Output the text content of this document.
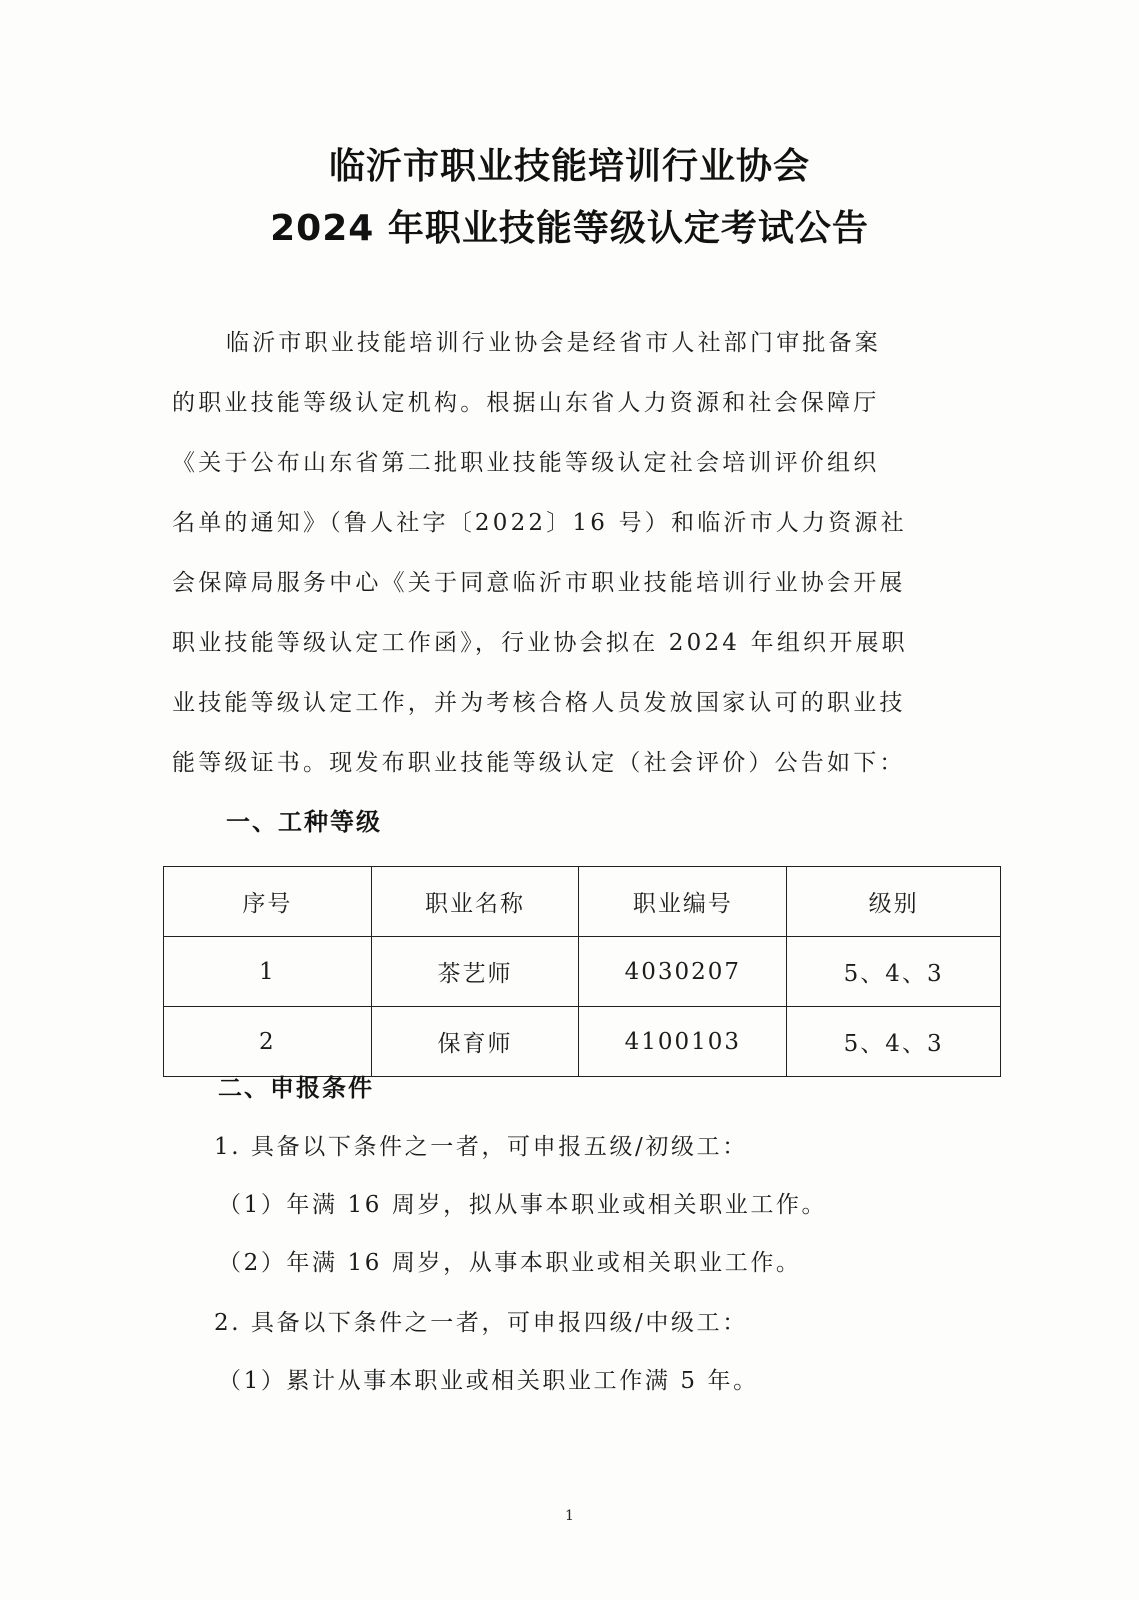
临沂市职业技能培训行业协会
2024 年职业技能等级认定考试公告
临沂市职业技能培训行业协会是经省市人社部门审批备案
的职业技能等级认定机构。根据山东省人力资源和社会保障厅
《关于公布山东省第二批职业技能等级认定社会培训评价组织
名单的通知》（鲁人社字〔2022〕16 号）和临沂市人力资源社
会保障局服务中心《关于同意临沂市职业技能培训行业协会开展
职业技能等级认定工作函》，行业协会拟在 2024 年组织开展职
业技能等级认定工作，并为考核合格人员发放国家认可的职业技
能等级证书。现发布职业技能等级认定（社会评价）公告如下：
一、工种等级
序号	职业名称	职业编号	级别
1	茶艺师	4030207	5、4、3
2	保育师	4100103	5、4、3
二、申报条件
1. 具备以下条件之一者，可申报五级/初级工：
（1）年满 16 周岁，拟从事本职业或相关职业工作。
（2）年满 16 周岁，从事本职业或相关职业工作。
2. 具备以下条件之一者，可申报四级/中级工：
（1）累计从事本职业或相关职业工作满 5 年。
1
